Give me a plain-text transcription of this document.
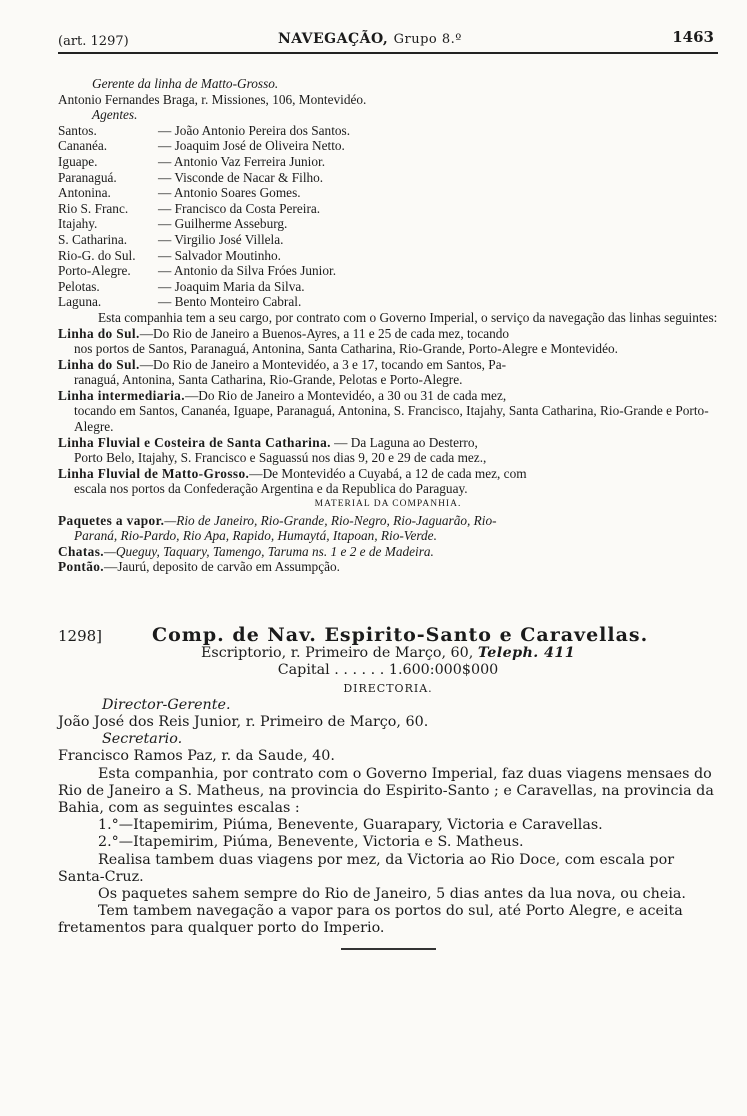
(art. 1297)	NAVEGAÇÃO, Grupo 8.º	1463
Gerente da linha de Matto-Grosso.
Antonio Fernandes Braga, r. Missiones, 106, Montevidéo.
Agentes.
Santos.	— João Antonio Pereira dos Santos.
Cananéa.	— Joaquim José de Oliveira Netto.
Iguape.	— Antonio Vaz Ferreira Junior.
Paranaguá.	— Visconde de Nacar & Filho.
Antonina.	— Antonio Soares Gomes.
Rio S. Franc.	— Francisco da Costa Pereira.
Itajahy.	— Guilherme Asseburg.
S. Catharina.	— Virgilio José Villela.
Rio-G. do Sul.	— Salvador Moutinho.
Porto-Alegre.	— Antonio da Silva Fróes Junior.
Pelotas.	— Joaquim Maria da Silva.
Laguna.	— Bento Monteiro Cabral.
Esta companhia tem a seu cargo, por contrato com o Governo Imperial, o serviço da navegação das linhas seguintes:
Linha do Sul.—Do Rio de Janeiro a Buenos-Ayres, a 11 e 25 de cada mez, tocando
nos portos de Santos, Paranaguá, Antonina, Santa Catharina, Rio-Grande, Porto-Alegre e Montevidéo.
Linha do Sul.—Do Rio de Janeiro a Montevidéo, a 3 e 17, tocando em Santos, Pa-
ranaguá, Antonina, Santa Catharina, Rio-Grande, Pelotas e Porto-Alegre.
Linha intermediaria.—Do Rio de Janeiro a Montevidéo, a 30 ou 31 de cada mez,
tocando em Santos, Cananéa, Iguape, Paranaguá, Antonina, S. Francisco, Itajahy, Santa Catharina, Rio-Grande e Porto-Alegre.
Linha Fluvial e Costeira de Santa Catharina. — Da Laguna ao Desterro,
Porto Belo, Itajahy, S. Francisco e Saguassú nos dias 9, 20 e 29 de cada mez.,
Linha Fluvial de Matto-Grosso.—De Montevidéo a Cuyabá, a 12 de cada mez, com
escala nos portos da Confederação Argentina e da Republica do Paraguay.
MATERIAL DA COMPANHIA.
Paquetes a vapor.—Rio de Janeiro, Rio-Grande, Rio-Negro, Rio-Jaguarão, Rio-
Paraná, Rio-Pardo, Rio Apa, Rapido, Humaytá, Itapoan, Rio-Verde.
Chatas.—Queguy, Taquary, Tamengo, Taruma ns. 1 e 2 e de Madeira.
Pontão.—Jaurú, deposito de carvão em Assumpção.
1298]	Comp. de Nav. Espirito-Santo e Caravellas.
Escriptorio, r. Primeiro de Março, 60, Teleph. 411
Capital . . . . . . 1.600:000$000
DIRECTORIA.
Director-Gerente.
João José dos Reis Junior, r. Primeiro de Março, 60.
Secretario.
Francisco Ramos Paz, r. da Saude, 40.
Esta companhia, por contrato com o Governo Imperial, faz duas viagens mensaes do Rio de Janeiro a S. Matheus, na provincia do Espirito-Santo ; e Caravellas, na provincia da Bahia, com as seguintes escalas :
1.°—Itapemirim, Piúma, Benevente, Guarapary, Victoria e Caravellas.
2.°—Itapemirim, Piúma, Benevente, Victoria e S. Matheus.
Realisa tambem duas viagens por mez, da Victoria ao Rio Doce, com escala por Santa-Cruz.
Os paquetes sahem sempre do Rio de Janeiro, 5 dias antes da lua nova, ou cheia.
Tem tambem navegação a vapor para os portos do sul, até Porto Alegre, e aceita fretamentos para qualquer porto do Imperio.
